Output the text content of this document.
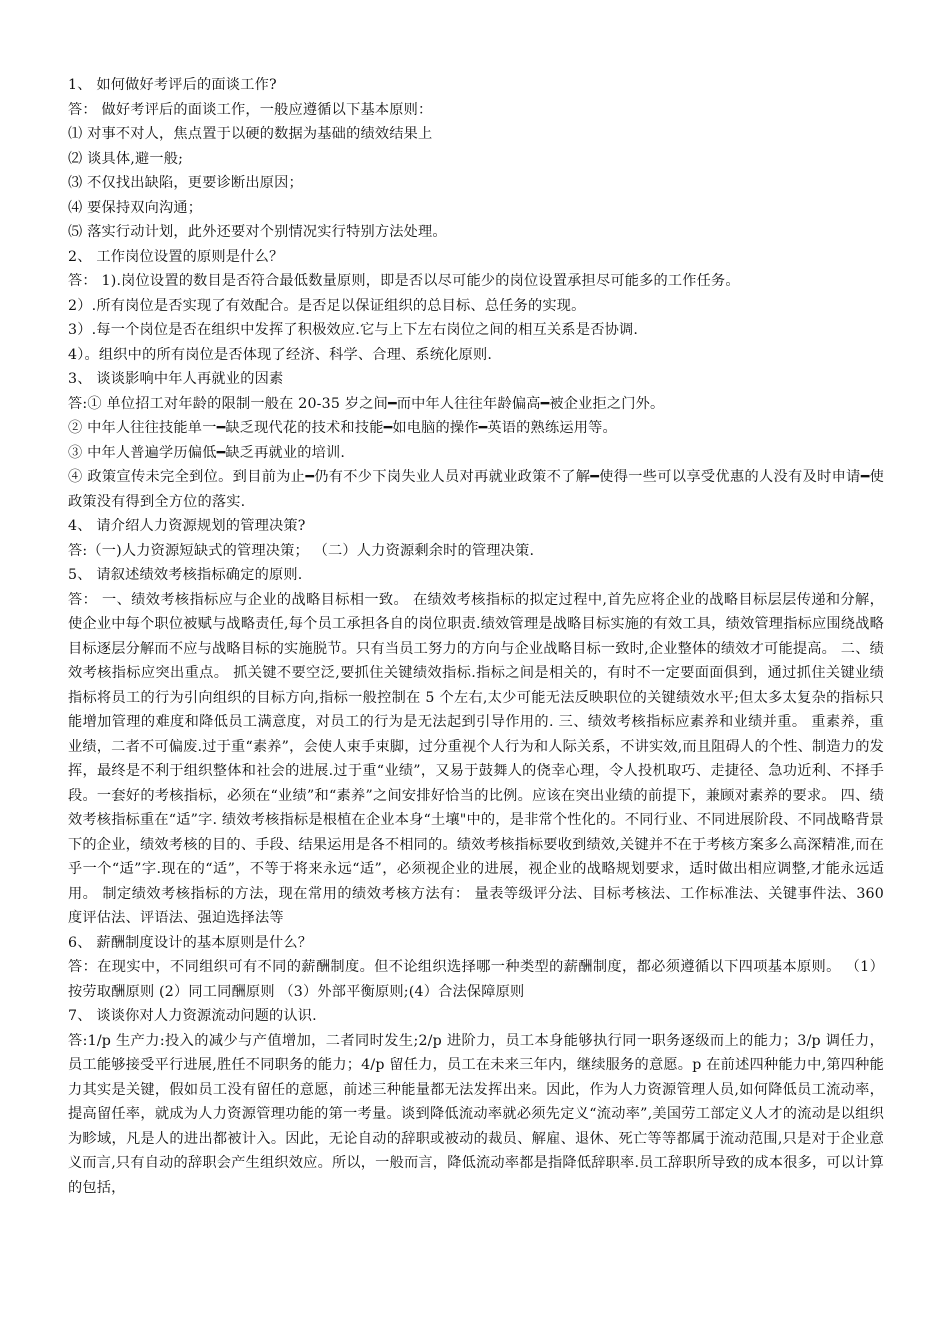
1、 如何做好考评后的面谈工作?

答： 做好考评后的面谈工作，一般应遵循以下基本原则：

⑴ 对事不对人，焦点置于以硬的数据为基础的绩效结果上

⑵ 谈具体,避一般;

⑶ 不仅找出缺陷，更要诊断出原因；

⑷ 要保持双向沟通；

⑸ 落实行动计划，此外还要对个别情况实行特别方法处理。

2、 工作岗位设置的原则是什么？

答： 1).岗位设置的数目是否符合最低数量原则，即是否以尽可能少的岗位设置承担尽可能多的工作任务。

2）.所有岗位是否实现了有效配合。是否足以保证组织的总目标、总任务的实现。

3）.每一个岗位是否在组织中发挥了积极效应.它与上下左右岗位之间的相互关系是否协调.

4）。组织中的所有岗位是否体现了经济、科学、合理、系统化原则.

3、 谈谈影响中年人再就业的因素

答:① 单位招工对年龄的限制一般在 20-35 岁之间━而中年人往往年龄偏高━被企业拒之门外。

② 中年人往往技能单一━缺乏现代花的技术和技能━如电脑的操作━英语的熟练运用等。

③ 中年人普遍学历偏低━缺乏再就业的培训.

④ 政策宣传未完全到位。到目前为止━仍有不少下岗失业人员对再就业政策不了解━使得一些可以享受优惠的人没有及时申请━使政策没有得到全方位的落实.

4、 请介绍人力资源规划的管理决策?

答:（一)人力资源短缺式的管理决策； （二）人力资源剩余时的管理决策.

5、 请叙述绩效考核指标确定的原则.

答： 一、绩效考核指标应与企业的战略目标相一致。 在绩效考核指标的拟定过程中,首先应将企业的战略目标层层传递和分解，使企业中每个职位被赋与战略责任,每个员工承担各自的岗位职责.绩效管理是战略目标实施的有效工具，绩效管理指标应围绕战略目标逐层分解而不应与战略目标的实施脱节。只有当员工努力的方向与企业战略目标一致时,企业整体的绩效才可能提高。 二、绩效考核指标应突出重点。 抓关键不要空泛,要抓住关键绩效指标.指标之间是相关的，有时不一定要面面俱到，通过抓住关键业绩指标将员工的行为引向组织的目标方向,指标一般控制在 5 个左右,太少可能无法反映职位的关键绩效水平;但太多太复杂的指标只能增加管理的难度和降低员工满意度，对员工的行为是无法起到引导作用的. 三、绩效考核指标应素养和业绩并重。 重素养，重业绩，二者不可偏废.过于重“素养”，会使人束手束脚，过分重视个人行为和人际关系，不讲实效,而且阻碍人的个性、制造力的发挥，最终是不利于组织整体和社会的进展.过于重“业绩”，又易于鼓舞人的侥幸心理，令人投机取巧、走捷径、急功近利、不择手段。一套好的考核指标，必须在“业绩”和“素养”之间安排好恰当的比例。应该在突出业绩的前提下，兼顾对素养的要求。 四、绩效考核指标重在“适”字. 绩效考核指标是根植在企业本身“土壤"中的，是非常个性化的。不同行业、不同进展阶段、不同战略背景下的企业，绩效考核的目的、手段、结果运用是各不相同的。绩效考核指标要收到绩效,关键并不在于考核方案多么高深精准,而在乎一个“适”字.现在的“适”，不等于将来永远“适”，必须视企业的进展，视企业的战略规划要求，适时做出相应调整,才能永远适用。 制定绩效考核指标的方法，现在常用的绩效考核方法有： 量表等级评分法、目标考核法、工作标准法、关键事件法、360 度评估法、评语法、强迫选择法等

6、 薪酬制度设计的基本原则是什么？

答：在现实中，不同组织可有不同的薪酬制度。但不论组织选择哪一种类型的薪酬制度，都必须遵循以下四项基本原则。 （1）按劳取酬原则 (2）同工同酬原则 （3）外部平衡原则;(4）合法保障原则

7、 谈谈你对人力资源流动问题的认识.

答:1/p 生产力:投入的减少与产值增加，二者同时发生;2/p 进阶力，员工本身能够执行同一职务逐级而上的能力；3/p 调任力，员工能够接受平行进展,胜任不同职务的能力；4/p 留任力，员工在未来三年内，继续服务的意愿。p 在前述四种能力中,第四种能力其实是关键，假如员工没有留任的意愿，前述三种能量都无法发挥出来。因此，作为人力资源管理人员,如何降低员工流动率，提高留任率，就成为人力资源管理功能的第一考量。谈到降低流动率就必须先定义“流动率”,美国劳工部定义人才的流动是以组织为畛域，凡是人的进出都被计入。因此，无论自动的辞职或被动的裁员、解雇、退休、死亡等等都属于流动范围,只是对于企业意义而言,只有自动的辞职会产生组织效应。所以，一般而言，降低流动率都是指降低辞职率.员工辞职所导致的成本很多，可以计算的包括，
